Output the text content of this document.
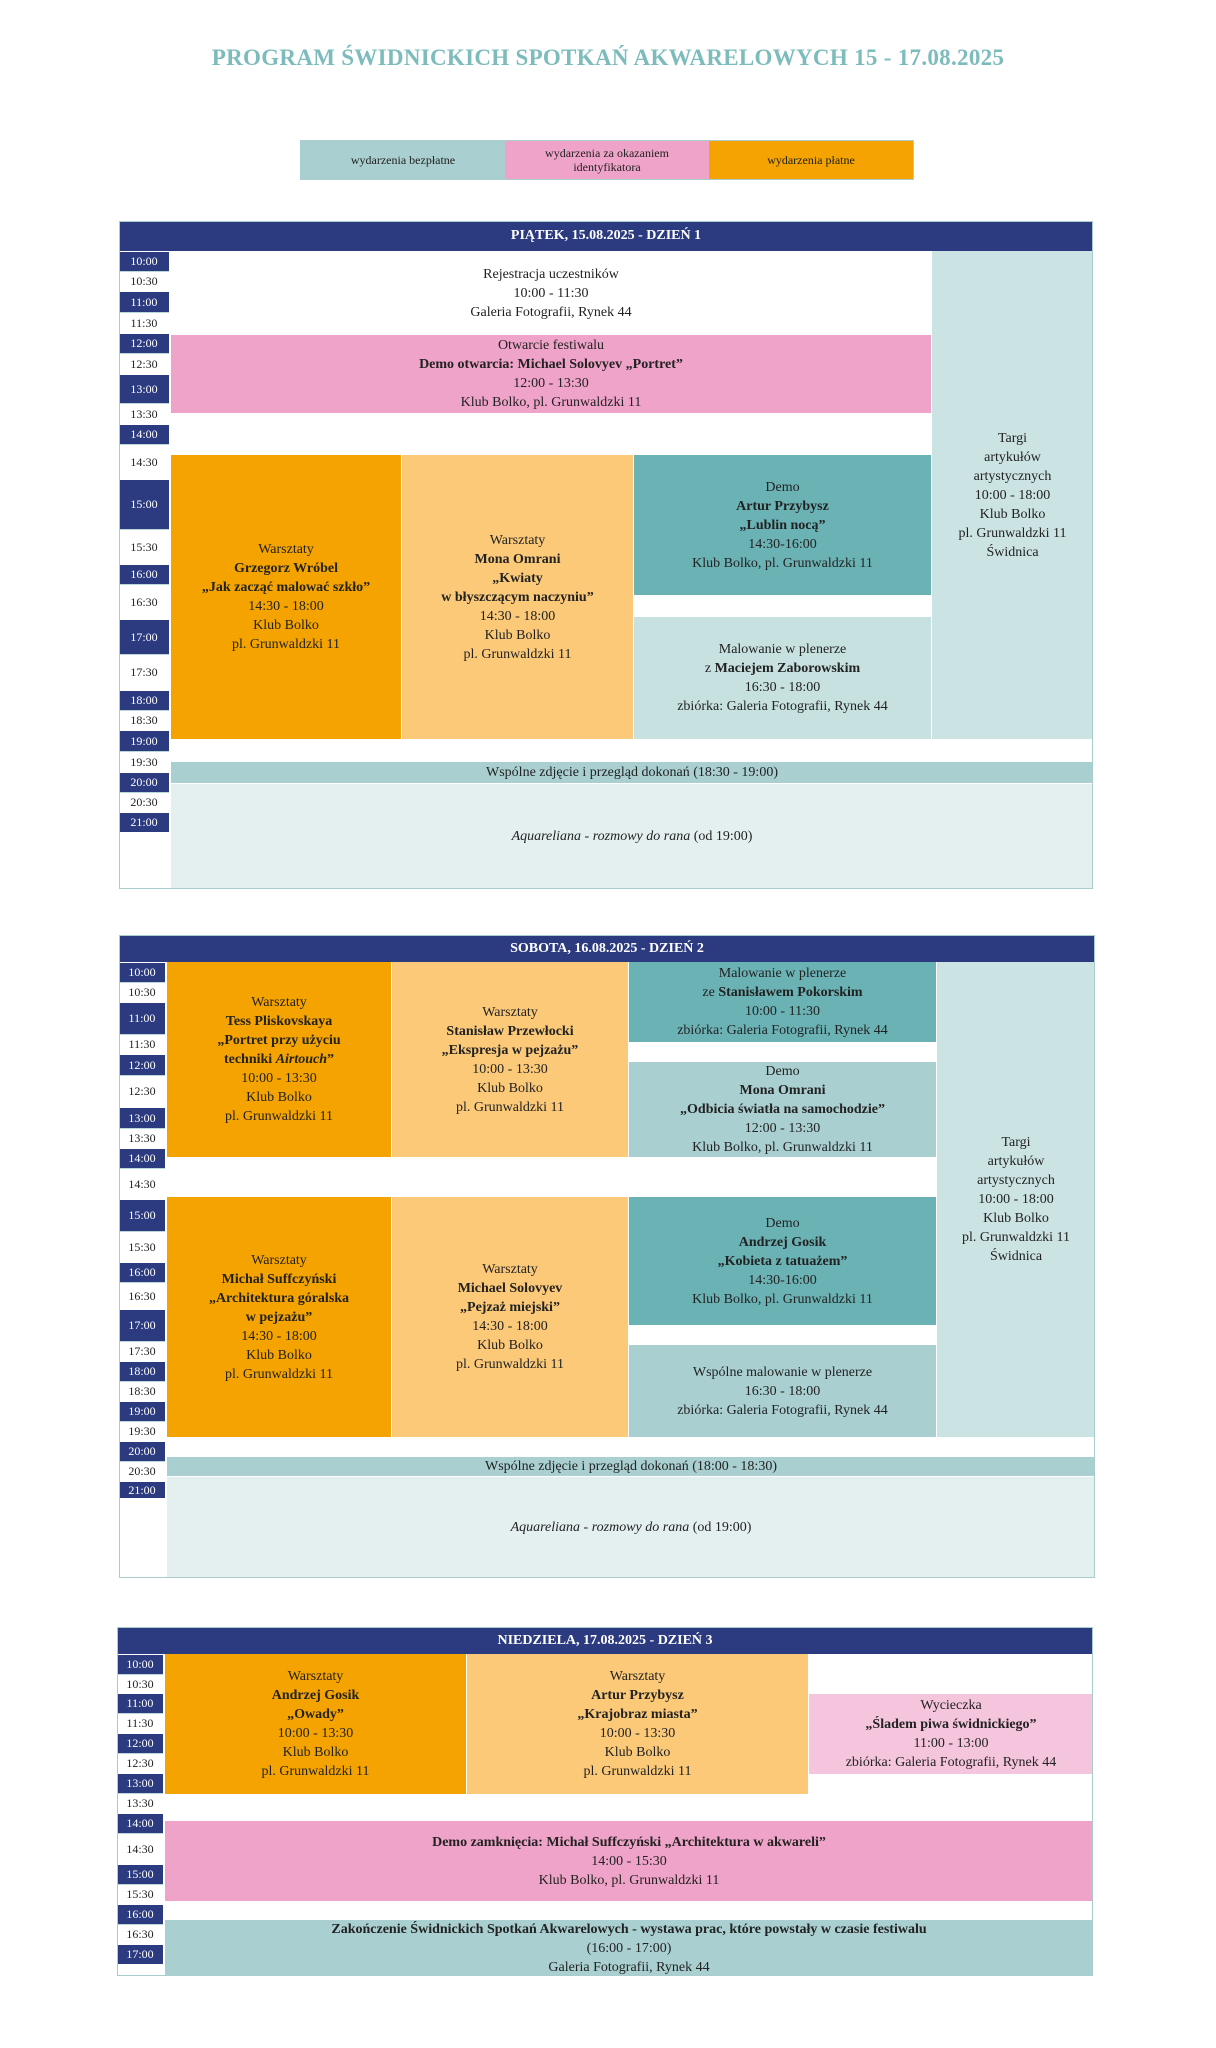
PROGRAM ŚWIDNICKICH SPOTKAŃ AKWARELOWYCH 15 - 17.08.2025
wydarzenia bezpłatne	wydarzenia za okazaniem identyfikatora	wydarzenia płatne
PIĄTEK, 15.08.2025 - DZIEŃ 1
10:00
10:30
11:00
11:30
12:00
12:30
13:00
13:30
14:00
14:30
15:00
15:30
16:00
16:30
17:00
17:30
18:00
18:30
19:00
19:30
20:00
20:30
21:00
Rejestracja uczestników
10:00 - 11:30
Galeria Fotografii, Rynek 44
Otwarcie festiwalu
Demo otwarcia: Michael Solovyev „Portret”
12:00 - 13:30
Klub Bolko, pl. Grunwaldzki 11
Warsztaty
Grzegorz Wróbel
„Jak zacząć malować szkło”
14:30 - 18:00
Klub Bolko
pl. Grunwaldzki 11
Warsztaty
Mona Omrani
„Kwiaty
w błyszczącym naczyniu”
14:30 - 18:00
Klub Bolko
pl. Grunwaldzki 11
Demo
Artur Przybysz
„Lublin nocą”
14:30-16:00
Klub Bolko, pl. Grunwaldzki 11
Malowanie w plenerze
z Maciejem Zaborowskim
16:30 - 18:00
zbiórka: Galeria Fotografii, Rynek 44
Targi
artykułów
artystycznych
10:00 - 18:00
Klub Bolko
pl. Grunwaldzki 11
Świdnica
Wspólne zdjęcie i przegląd dokonań (18:30 - 19:00)
Aquareliana - rozmowy do rana (od 19:00)
SOBOTA, 16.08.2025 - DZIEŃ 2
10:00
10:30
11:00
11:30
12:00
12:30
13:00
13:30
14:00
14:30
15:00
15:30
16:00
16:30
17:00
17:30
18:00
18:30
19:00
19:30
20:00
20:30
21:00
Warsztaty
Tess Pliskovskaya
„Portret przy użyciu
techniki Airtouch”
10:00 - 13:30
Klub Bolko
pl. Grunwaldzki 11
Warsztaty
Stanisław Przewłocki
„Ekspresja w pejzażu”
10:00 - 13:30
Klub Bolko
pl. Grunwaldzki 11
Malowanie w plenerze
ze Stanisławem Pokorskim
10:00 - 11:30
zbiórka: Galeria Fotografii, Rynek 44
Demo
Mona Omrani
„Odbicia światła na samochodzie”
12:00 - 13:30
Klub Bolko, pl. Grunwaldzki 11
Warsztaty
Michał Suffczyński
„Architektura góralska
w pejzażu”
14:30 - 18:00
Klub Bolko
pl. Grunwaldzki 11
Warsztaty
Michael Solovyev
„Pejzaż miejski”
14:30 - 18:00
Klub Bolko
pl. Grunwaldzki 11
Demo
Andrzej Gosik
„Kobieta z tatuażem”
14:30-16:00
Klub Bolko, pl. Grunwaldzki 11
Wspólne malowanie w plenerze
16:30 - 18:00
zbiórka: Galeria Fotografii, Rynek 44
Targi
artykułów
artystycznych
10:00 - 18:00
Klub Bolko
pl. Grunwaldzki 11
Świdnica
Wspólne zdjęcie i przegląd dokonań (18:00 - 18:30)
Aquareliana - rozmowy do rana (od 19:00)
NIEDZIELA, 17.08.2025 - DZIEŃ 3
10:00
10:30
11:00
11:30
12:00
12:30
13:00
13:30
14:00
14:30
15:00
15:30
16:00
16:30
17:00
Warsztaty
Andrzej Gosik
„Owady”
10:00 - 13:30
Klub Bolko
pl. Grunwaldzki 11
Warsztaty
Artur Przybysz
„Krajobraz miasta”
10:00 - 13:30
Klub Bolko
pl. Grunwaldzki 11
Wycieczka
„Śladem piwa świdnickiego”
11:00 - 13:00
zbiórka: Galeria Fotografii, Rynek 44
Demo zamknięcia: Michał Suffczyński „Architektura w akwareli”
14:00 - 15:30
Klub Bolko, pl. Grunwaldzki 11
Zakończenie Świdnickich Spotkań Akwarelowych - wystawa prac, które powstały w czasie festiwalu
(16:00 - 17:00)
Galeria Fotografii, Rynek 44
